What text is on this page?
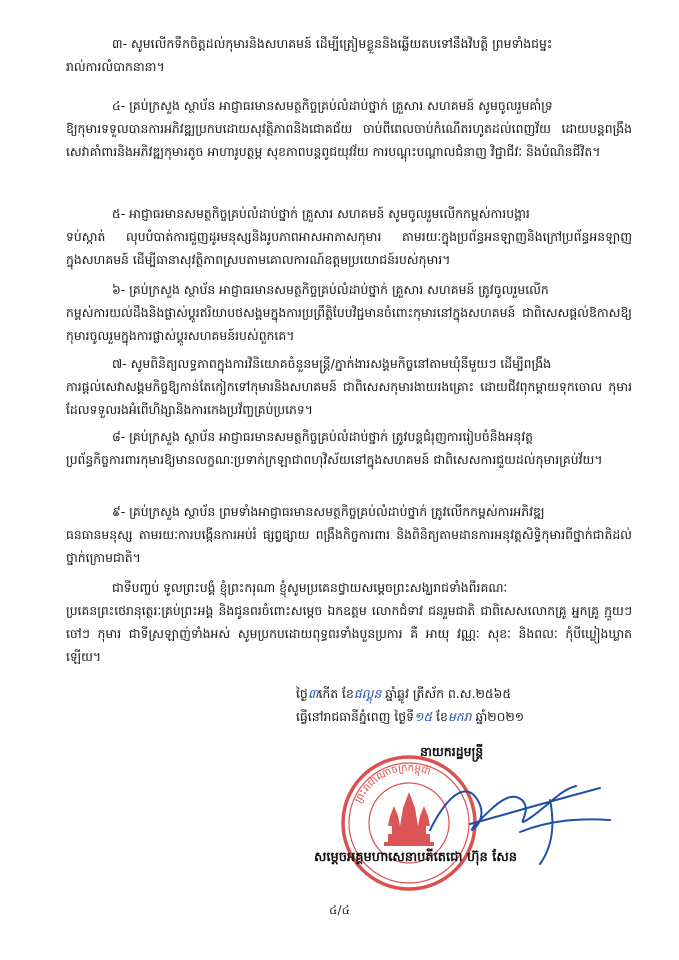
៣- សូមលើកទឹកចិត្តដល់កុមារនិងសហគមន៍ ដើម្បីត្រៀមខ្លួននិងឆ្លើយតបទៅនឹងវិបត្តិ ព្រមទាំងជម្នះ
រាល់ការលំបាកនានា។
៤- គ្រប់ក្រសួង ស្ថាប័ន អាជ្ញាធរមានសមត្ថកិច្ចគ្រប់លំដាប់ថ្នាក់ គ្រួសារ សហគមន៍ សូមចូលរួមគាំទ្រ
ឱ្យកុមារទទួលបានការអភិវឌ្ឍប្រកបដោយសុវត្ថិភាពនិងជោគជ័យ ចាប់ពីពេលចាប់កំណើតរហូតដល់ពេញវ័យ ដោយបន្តពង្រឹងសេវាគាំពារនិងអភិវឌ្ឍកុមារតូច អាហារូបត្ថម្ភ សុខភាពបន្តពូជយុវវ័យ ការបណ្តុះបណ្តាលជំនាញ វិជ្ជាជីវៈ និងបំណិនជីវិត។
៥- អាជ្ញាធរមានសមត្ថកិច្ចគ្រប់លំដាប់ថ្នាក់ គ្រួសារ សហគមន៍ សូមចូលរួមលើកកម្ពស់ការបង្ការ
ទប់ស្កាត់ លុបបំបាត់ការជួញដូរមនុស្សនិងរូបភាពអាសអាភាសកុមារ តាមរយៈក្នុងប្រព័ន្ធអនឡាញនិងក្រៅប្រព័ន្ធអនឡាញក្នុងសហគមន៍ ដើម្បីធានាសុវត្ថិភាពស្របតាមគោលការណ៍ឧត្តមប្រយោជន៍របស់កុមារ។
៦- គ្រប់ក្រសួង ស្ថាប័ន អាជ្ញាធរមានសមត្ថកិច្ចគ្រប់លំដាប់ថ្នាក់ គ្រួសារ សហគមន៍ ត្រូវចូលរួមលើក
កម្ពស់ការយល់ដឹងនិងផ្លាស់ប្តូរឥរិយាបថសង្គមក្នុងការប្រព្រឹត្តិបែបវិជ្ជមានចំពោះកុមារនៅក្នុងសហគមន៍ ជាពិសេសផ្តល់ឱកាសឱ្យកុមារចូលរួមក្នុងការផ្លាស់ប្តូរសហគមន៍របស់ពួកគេ។
៧- សូមពិនិត្យលទ្ធភាពក្នុងការវិនិយោគចំនួនមន្ត្រី/ភ្នាក់ងារសង្គមកិច្ចនៅតាមឃុំនីមួយៗ ដើម្បីពង្រឹង
ការផ្តល់សេវាសង្គមកិច្ចឱ្យកាន់តែកៀកទៅកុមារនិងសហគមន៍ ជាពិសេសកុមារងាយរងគ្រោះ ដោយជីវពុកម្តាយទុកចោល កុមារដែលទទួលរងអំពើហិង្សានិងការកេងប្រវ័ញ្ចគ្រប់ប្រភេទ។
៨- គ្រប់ក្រសួង ស្ថាប័ន អាជ្ញាធរមានសមត្ថកិច្ចគ្រប់លំដាប់ថ្នាក់ ត្រូវបន្តជំរុញការរៀបចំនិងអនុវត្ត
ប្រព័ន្ធកិច្ចការពារកុមារឱ្យមានលក្ខណៈប្រទាក់ក្រឡាជាពហុវិស័យនៅក្នុងសហគមន៍ ជាពិសេសការជួយដល់កុមារគ្រប់វ័យ។
៩- គ្រប់ក្រសួង ស្ថាប័ន ព្រមទាំងអាជ្ញាធរមានសមត្ថកិច្ចគ្រប់លំដាប់ថ្នាក់ ត្រូវលើកកម្ពស់ការអភិវឌ្ឍ
ធនធានមនុស្ស តាមរយៈការបង្កើនការអប់រំ ផ្សព្វផ្សាយ ពង្រឹងកិច្ចការពារ និងពិនិត្យតាមដានការអនុវត្តសិទ្ធិកុមារពីថ្នាក់ជាតិដល់ថ្នាក់ក្រោមជាតិ។
ជាទីបញ្ចប់ ទូលព្រះបង្គំ ខ្ញុំព្រះករុណា ខ្ញុំសូមប្រគេនថ្វាយសម្តេចព្រះសង្ឃរាជទាំងពីរគណៈ
ប្រគេនព្រះថេរានុត្ថេរៈគ្រប់ព្រះអង្គ និងជូនពរចំពោះសម្តេច ឯកឧត្តម លោកជំទាវ ជនរួមជាតិ ជាពិសេសលោកគ្រូ អ្នកគ្រូ ក្មួយៗ ចៅៗ កុមារ ជាទីស្រឡាញ់ទាំងអស់ សូមប្រកបដោយពុទ្ធពរទាំងបួនប្រការ គឺ អាយុ វណ្ណៈ សុខៈ និងពលៈ កុំបីឃ្លៀងឃ្លាតឡើយ។
ថ្ងៃ៣កើត ខែផល្គុន ឆ្នាំឆ្លូវ ត្រីស័ក ព.ស.២៥៦៥
ធ្វើនៅរាជធានីភ្នំពេញ ថ្ងៃទី១៥ ខែមករា ឆ្នាំ២០២១
នាយករដ្ឋមន្ត្រី
ព្រះរាជាណាចក្រកម្ពុជា
សម្តេចអគ្គមហាសេនាបតីតេជោ ហ៊ុន សែន
៤/៤
